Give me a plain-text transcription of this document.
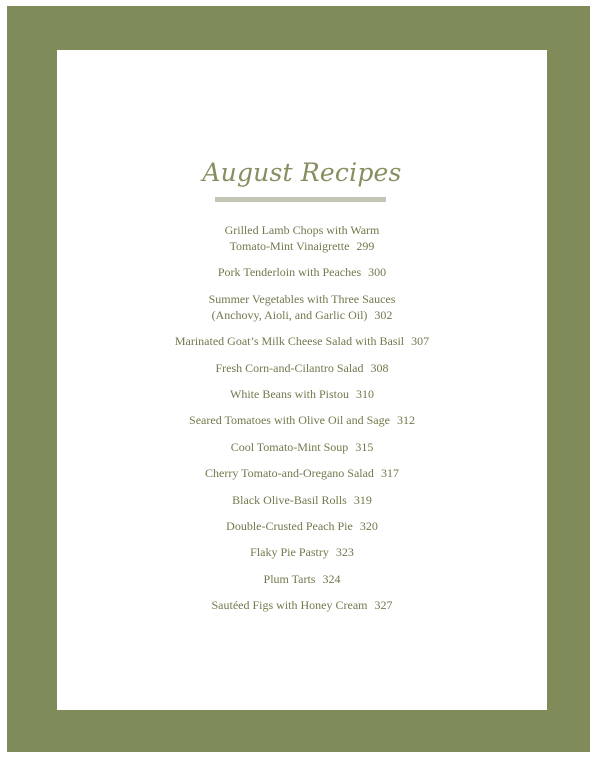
August Recipes
Grilled Lamb Chops with Warm
Tomato-Mint Vinaigrette 299
Pork Tenderloin with Peaches 300
Summer Vegetables with Three Sauces
(Anchovy, Aioli, and Garlic Oil) 302
Marinated Goat’s Milk Cheese Salad with Basil 307
Fresh Corn-and-Cilantro Salad 308
White Beans with Pistou 310
Seared Tomatoes with Olive Oil and Sage 312
Cool Tomato-Mint Soup 315
Cherry Tomato-and-Oregano Salad 317
Black Olive-Basil Rolls 319
Double-Crusted Peach Pie 320
Flaky Pie Pastry 323
Plum Tarts 324
Sautéed Figs with Honey Cream 327
